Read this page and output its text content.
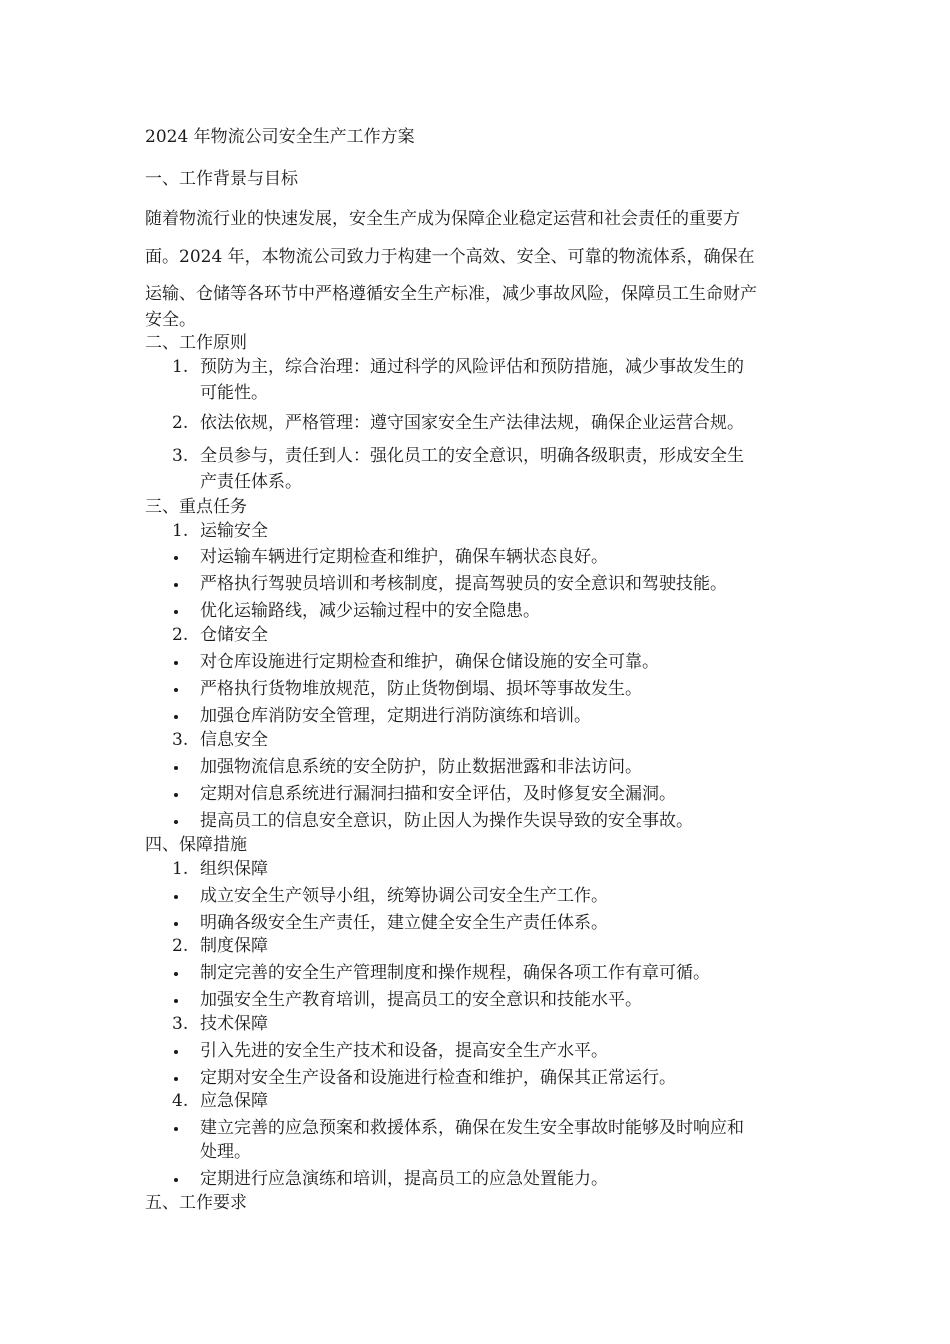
2024 年物流公司安全生产工作方案
一、工作背景与目标
随着物流行业的快速发展，安全生产成为保障企业稳定运营和社会责任的重要方
面。2024 年，本物流公司致力于构建一个高效、安全、可靠的物流体系，确保在
运输、仓储等各环节中严格遵循安全生产标准，减少事故风险，保障员工生命财产
安全。
二、工作原则
1. 预防为主，综合治理：通过科学的风险评估和预防措施，减少事故发生的
可能性。
2. 依法依规，严格管理：遵守国家安全生产法律法规，确保企业运营合规。
3. 全员参与，责任到人：强化员工的安全意识，明确各级职责，形成安全生
产责任体系。
三、重点任务
1. 运输安全
对运输车辆进行定期检查和维护，确保车辆状态良好。
严格执行驾驶员培训和考核制度，提高驾驶员的安全意识和驾驶技能。
优化运输路线，减少运输过程中的安全隐患。
2. 仓储安全
对仓库设施进行定期检查和维护，确保仓储设施的安全可靠。
严格执行货物堆放规范，防止货物倒塌、损坏等事故发生。
加强仓库消防安全管理，定期进行消防演练和培训。
3. 信息安全
加强物流信息系统的安全防护，防止数据泄露和非法访问。
定期对信息系统进行漏洞扫描和安全评估，及时修复安全漏洞。
提高员工的信息安全意识，防止因人为操作失误导致的安全事故。
四、保障措施
1. 组织保障
成立安全生产领导小组，统筹协调公司安全生产工作。
明确各级安全生产责任，建立健全安全生产责任体系。
2. 制度保障
制定完善的安全生产管理制度和操作规程，确保各项工作有章可循。
加强安全生产教育培训，提高员工的安全意识和技能水平。
3. 技术保障
引入先进的安全生产技术和设备，提高安全生产水平。
定期对安全生产设备和设施进行检查和维护，确保其正常运行。
4. 应急保障
建立完善的应急预案和救援体系，确保在发生安全事故时能够及时响应和
处理。
定期进行应急演练和培训，提高员工的应急处置能力。
五、工作要求
